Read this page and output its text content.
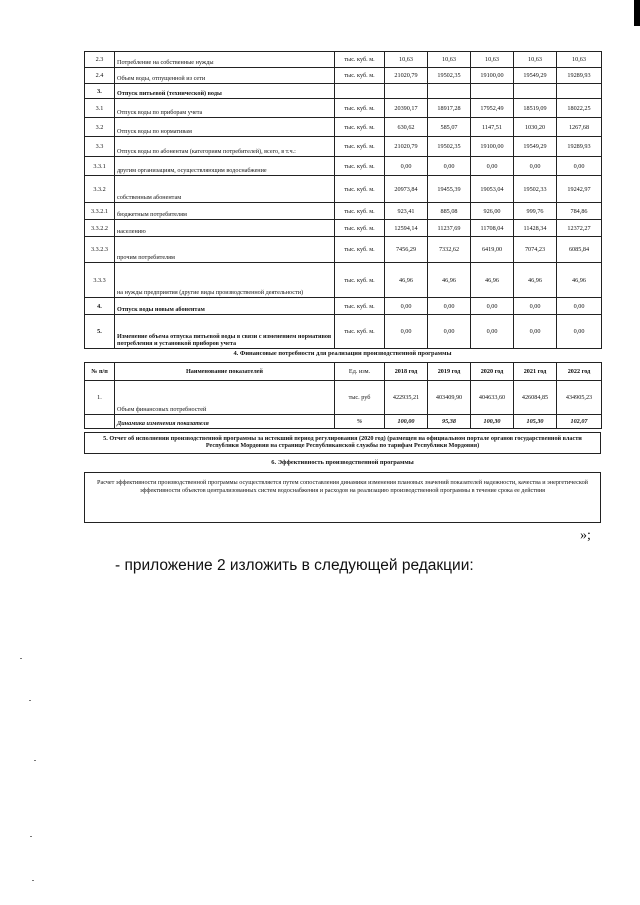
2.3	Потребление на собственные нужды	тыс. куб. м.	10,63	10,63	10,63	10,63	10,63
2.4	Объем воды, отпущенной из сети	тыс. куб. м.	21020,79	19502,35	19100,00	19549,29	19289,93
3.	Отпуск питьевой (технической) воды						
3.1	Отпуск воды по приборам учета	тыс. куб. м.	20390,17	18917,28	17952,49	18519,09	18022,25
3.2	Отпуск воды по нормативам	тыс. куб. м.	630,62	585,07	1147,51	1030,20	1267,68
3.3	Отпуск воды по абонентам (категориям потребителей), всего, в т.ч.:	тыс. куб. м.	21020,79	19502,35	19100,00	19549,29	19289,93
3.3.1	другим организациям, осуществляющим водоснабжение	тыс. куб. м.	0,00	0,00	0,00	0,00	0,00
3.3.2	собственным абонентам	тыс. куб. м.	20973,84	19455,39	19053,04	19502,33	19242,97
3.3.2.1	бюджетным потребителям	тыс. куб. м.	923,41	885,08	926,00	999,76	784,86
3.3.2.2	населению	тыс. куб. м.	12594,14	11237,69	11708,04	11428,34	12372,27
3.3.2.3	прочим потребителям	тыс. куб. м.	7456,29	7332,62	6419,00	7074,23	6085,84
3.3.3	на нужды предприятия (другие виды производственной деятельности)	тыс. куб. м.	46,96	46,96	46,96	46,96	46,96
4.	Отпуск воды новым абонентам	тыс. куб. м.	0,00	0,00	0,00	0,00	0,00
5.	Изменение объема отпуска питьевой воды в связи с изменением нормативов потребления и установкой приборов учета	тыс. куб. м.	0,00	0,00	0,00	0,00	0,00
4. Финансовые потребности для реализации производственной программы
№ п/п	Наименование показателей	Ед. изм.	2018 год	2019 год	2020 год	2021 год	2022 год
1.	Объем финансовых потребностей	тыс. руб	422935,21	403409,90	404633,60	426084,85	434905,23
	Динамика изменения показателя	%	100,00	95,38	100,30	105,30	102,07
5. Отчет об исполнении производственной программы за истекший период регулирования (2020 год) (размещен на официальном портале органов государственной власти Республики Мордовия на странице Республиканской службы по тарифам Республики Мордовия)
6. Эффективность производственной программы
Расчет эффективности производственной программы осуществляется путем сопоставления динамики изменения плановых значений показателей надежности, качества и энергетической эффективности объектов централизованных систем водоснабжения и расходов на реализацию производственной программы в течение срока ее действия
»;
- приложение 2 изложить в следующей редакции:
